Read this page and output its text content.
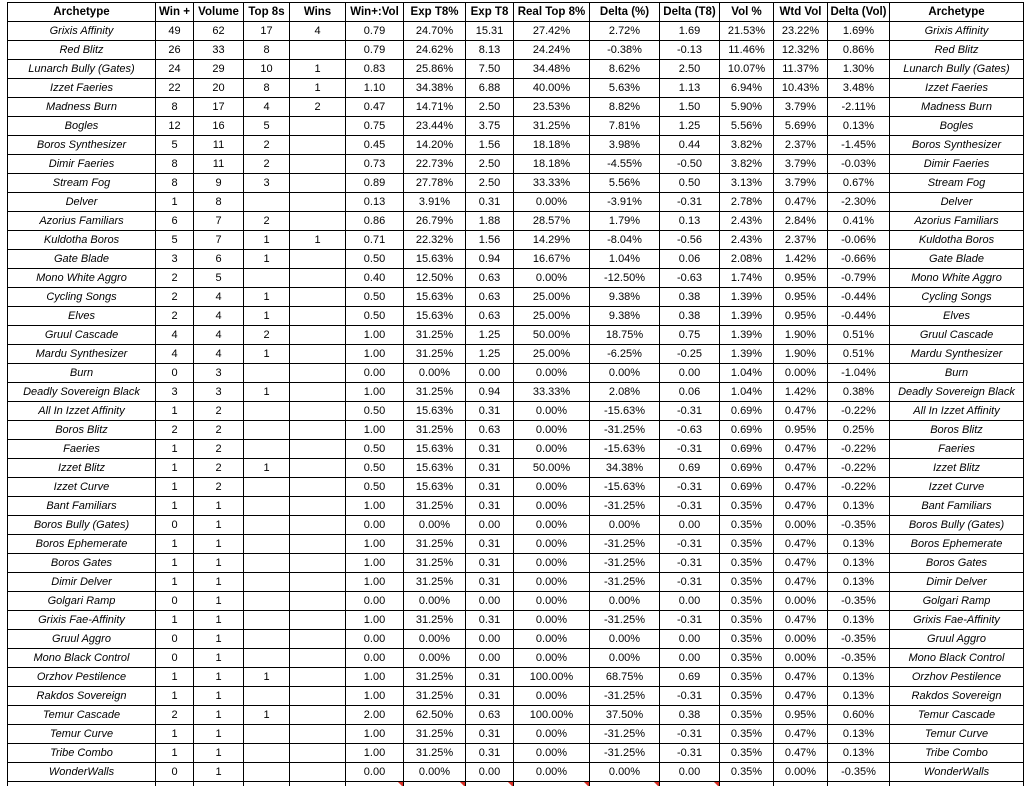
Archetype	Win +	Volume	Top 8s	Wins	Win+:Vol	Exp T8%	Exp T8	Real Top 8%	Delta (%)	Delta (T8)	Vol %	Wtd Vol	Delta (Vol)	Archetype
Grixis Affinity	49	62	17	4	0.79	24.70%	15.31	27.42%	2.72%	1.69	21.53%	23.22%	1.69%	Grixis Affinity
Red Blitz	26	33	8		0.79	24.62%	8.13	24.24%	-0.38%	-0.13	11.46%	12.32%	0.86%	Red Blitz
Lunarch Bully (Gates)	24	29	10	1	0.83	25.86%	7.50	34.48%	8.62%	2.50	10.07%	11.37%	1.30%	Lunarch Bully (Gates)
Izzet Faeries	22	20	8	1	1.10	34.38%	6.88	40.00%	5.63%	1.13	6.94%	10.43%	3.48%	Izzet Faeries
Madness Burn	8	17	4	2	0.47	14.71%	2.50	23.53%	8.82%	1.50	5.90%	3.79%	-2.11%	Madness Burn
Bogles	12	16	5		0.75	23.44%	3.75	31.25%	7.81%	1.25	5.56%	5.69%	0.13%	Bogles
Boros Synthesizer	5	11	2		0.45	14.20%	1.56	18.18%	3.98%	0.44	3.82%	2.37%	-1.45%	Boros Synthesizer
Dimir Faeries	8	11	2		0.73	22.73%	2.50	18.18%	-4.55%	-0.50	3.82%	3.79%	-0.03%	Dimir Faeries
Stream Fog	8	9	3		0.89	27.78%	2.50	33.33%	5.56%	0.50	3.13%	3.79%	0.67%	Stream Fog
Delver	1	8			0.13	3.91%	0.31	0.00%	-3.91%	-0.31	2.78%	0.47%	-2.30%	Delver
Azorius Familiars	6	7	2		0.86	26.79%	1.88	28.57%	1.79%	0.13	2.43%	2.84%	0.41%	Azorius Familiars
Kuldotha Boros	5	7	1	1	0.71	22.32%	1.56	14.29%	-8.04%	-0.56	2.43%	2.37%	-0.06%	Kuldotha Boros
Gate Blade	3	6	1		0.50	15.63%	0.94	16.67%	1.04%	0.06	2.08%	1.42%	-0.66%	Gate Blade
Mono White Aggro	2	5			0.40	12.50%	0.63	0.00%	-12.50%	-0.63	1.74%	0.95%	-0.79%	Mono White Aggro
Cycling Songs	2	4	1		0.50	15.63%	0.63	25.00%	9.38%	0.38	1.39%	0.95%	-0.44%	Cycling Songs
Elves	2	4	1		0.50	15.63%	0.63	25.00%	9.38%	0.38	1.39%	0.95%	-0.44%	Elves
Gruul Cascade	4	4	2		1.00	31.25%	1.25	50.00%	18.75%	0.75	1.39%	1.90%	0.51%	Gruul Cascade
Mardu Synthesizer	4	4	1		1.00	31.25%	1.25	25.00%	-6.25%	-0.25	1.39%	1.90%	0.51%	Mardu Synthesizer
Burn	0	3			0.00	0.00%	0.00	0.00%	0.00%	0.00	1.04%	0.00%	-1.04%	Burn
Deadly Sovereign Black	3	3	1		1.00	31.25%	0.94	33.33%	2.08%	0.06	1.04%	1.42%	0.38%	Deadly Sovereign Black
All In Izzet Affinity	1	2			0.50	15.63%	0.31	0.00%	-15.63%	-0.31	0.69%	0.47%	-0.22%	All In Izzet Affinity
Boros Blitz	2	2			1.00	31.25%	0.63	0.00%	-31.25%	-0.63	0.69%	0.95%	0.25%	Boros Blitz
Faeries	1	2			0.50	15.63%	0.31	0.00%	-15.63%	-0.31	0.69%	0.47%	-0.22%	Faeries
Izzet Blitz	1	2	1		0.50	15.63%	0.31	50.00%	34.38%	0.69	0.69%	0.47%	-0.22%	Izzet Blitz
Izzet Curve	1	2			0.50	15.63%	0.31	0.00%	-15.63%	-0.31	0.69%	0.47%	-0.22%	Izzet Curve
Bant Familiars	1	1			1.00	31.25%	0.31	0.00%	-31.25%	-0.31	0.35%	0.47%	0.13%	Bant Familiars
Boros Bully (Gates)	0	1			0.00	0.00%	0.00	0.00%	0.00%	0.00	0.35%	0.00%	-0.35%	Boros Bully (Gates)
Boros Ephemerate	1	1			1.00	31.25%	0.31	0.00%	-31.25%	-0.31	0.35%	0.47%	0.13%	Boros Ephemerate
Boros Gates	1	1			1.00	31.25%	0.31	0.00%	-31.25%	-0.31	0.35%	0.47%	0.13%	Boros Gates
Dimir Delver	1	1			1.00	31.25%	0.31	0.00%	-31.25%	-0.31	0.35%	0.47%	0.13%	Dimir Delver
Golgari Ramp	0	1			0.00	0.00%	0.00	0.00%	0.00%	0.00	0.35%	0.00%	-0.35%	Golgari Ramp
Grixis Fae-Affinity	1	1			1.00	31.25%	0.31	0.00%	-31.25%	-0.31	0.35%	0.47%	0.13%	Grixis Fae-Affinity
Gruul Aggro	0	1			0.00	0.00%	0.00	0.00%	0.00%	0.00	0.35%	0.00%	-0.35%	Gruul Aggro
Mono Black Control	0	1			0.00	0.00%	0.00	0.00%	0.00%	0.00	0.35%	0.00%	-0.35%	Mono Black Control
Orzhov Pestilence	1	1	1		1.00	31.25%	0.31	100.00%	68.75%	0.69	0.35%	0.47%	0.13%	Orzhov Pestilence
Rakdos Sovereign	1	1			1.00	31.25%	0.31	0.00%	-31.25%	-0.31	0.35%	0.47%	0.13%	Rakdos Sovereign
Temur Cascade	2	1	1		2.00	62.50%	0.63	100.00%	37.50%	0.38	0.35%	0.95%	0.60%	Temur Cascade
Temur Curve	1	1			1.00	31.25%	0.31	0.00%	-31.25%	-0.31	0.35%	0.47%	0.13%	Temur Curve
Tribe Combo	1	1			1.00	31.25%	0.31	0.00%	-31.25%	-0.31	0.35%	0.47%	0.13%	Tribe Combo
WonderWalls	0	1			0.00	0.00%	0.00	0.00%	0.00%	0.00	0.35%	0.00%	-0.35%	WonderWalls
